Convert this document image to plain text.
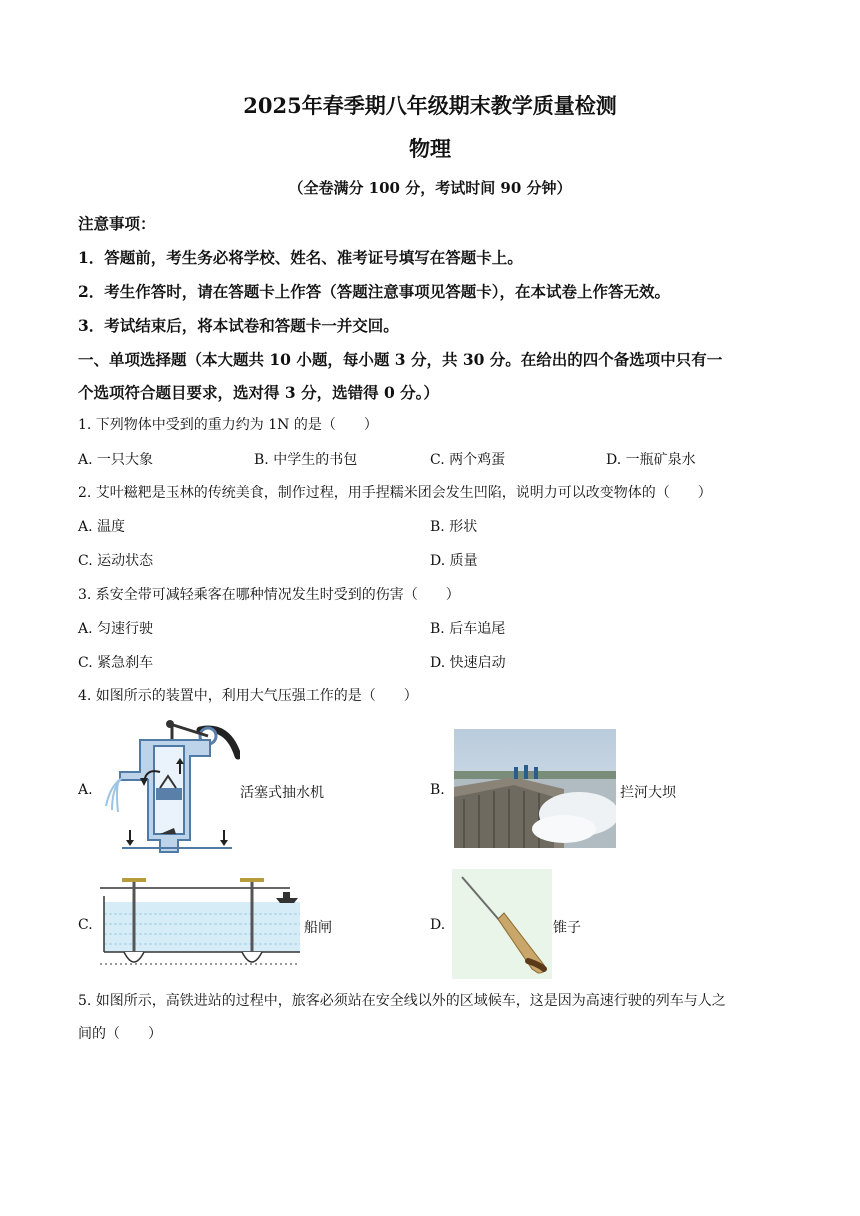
2025年春季期八年级期末教学质量检测
物理
（全卷满分 100 分，考试时间 90 分钟）
注意事项：
1．答题前，考生务必将学校、姓名、准考证号填写在答题卡上。
2．考生作答时，请在答题卡上作答（答题注意事项见答题卡），在本试卷上作答无效。
3．考试结束后，将本试卷和答题卡一并交回。
一、单项选择题（本大题共 10 小题，每小题 3 分，共 30 分。在给出的四个备选项中只有一
个选项符合题目要求，选对得 3 分，选错得 0 分。）
1. 下列物体中受到的重力约为 1N 的是（　　）
A. 一只大象	B. 中学生的书包	C. 两个鸡蛋	D. 一瓶矿泉水
2. 艾叶糍粑是玉林的传统美食，制作过程，用手捏糯米团会发生凹陷，说明力可以改变物体的（　　）
A. 温度	B. 形状
C. 运动状态	D. 质量
3. 系安全带可减轻乘客在哪种情况发生时受到的伤害（　　）
A. 匀速行驶	B. 后车追尾
C. 紧急刹车	D. 快速启动
4. 如图所示的装置中，利用大气压强工作的是（　　）
A.	活塞式抽水机	B.	拦河大坝
C.	船闸	D.	锥子
5. 如图所示，高铁进站的过程中，旅客必须站在安全线以外的区域候车，这是因为高速行驶的列车与人之
间的（　　）
